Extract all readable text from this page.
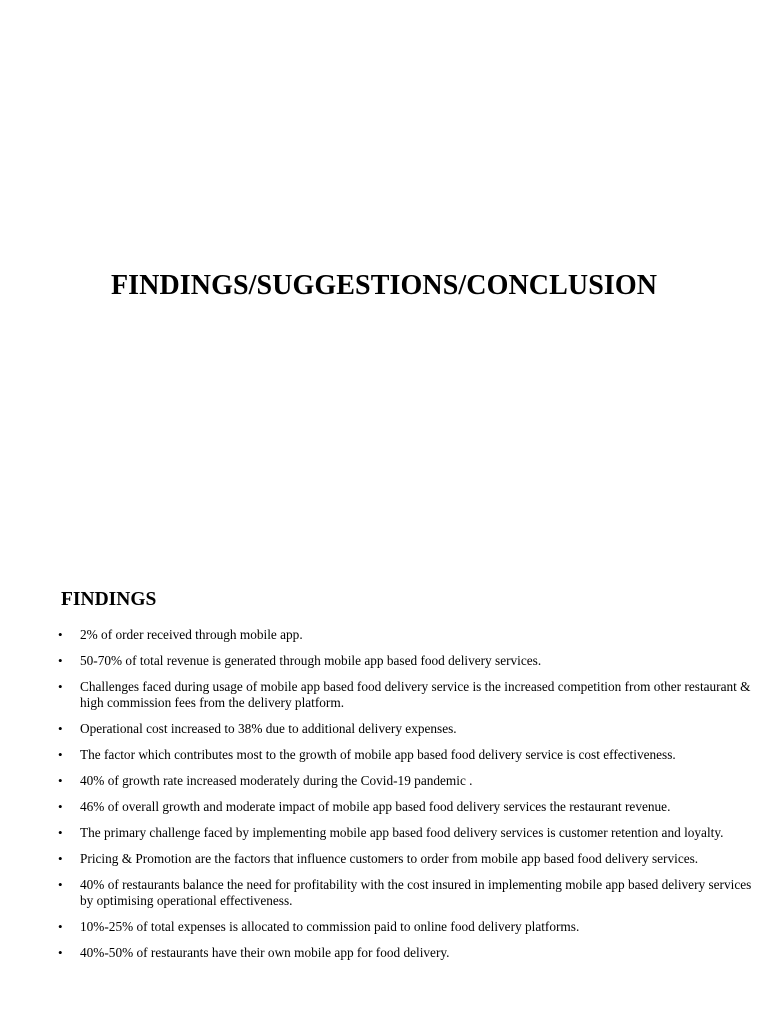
FINDINGS/SUGGESTIONS/CONCLUSION
FINDINGS
• 2% of order received through mobile app.
• 50-70% of total revenue is generated through mobile app based food delivery services.
• Challenges faced during usage of mobile app based food delivery service is the increased competition from other restaurant & high commission fees from the delivery platform.
• Operational cost increased to 38% due to additional delivery expenses.
• The factor which contributes most to the growth of mobile app based food delivery service is cost effectiveness.
• 40% of growth rate increased moderately during the Covid-19 pandemic .
• 46% of overall growth and moderate impact of mobile app based food delivery services the restaurant revenue.
• The primary challenge faced by implementing mobile app based food delivery services is customer retention and loyalty.
• Pricing & Promotion are the factors that influence customers to order from mobile app based food delivery services.
• 40% of restaurants balance the need for profitability with the cost insured in implementing mobile app based delivery services by optimising operational effectiveness.
• 10%-25% of total expenses is allocated to commission paid to online food delivery platforms.
• 40%-50% of restaurants have their own mobile app for food delivery.
